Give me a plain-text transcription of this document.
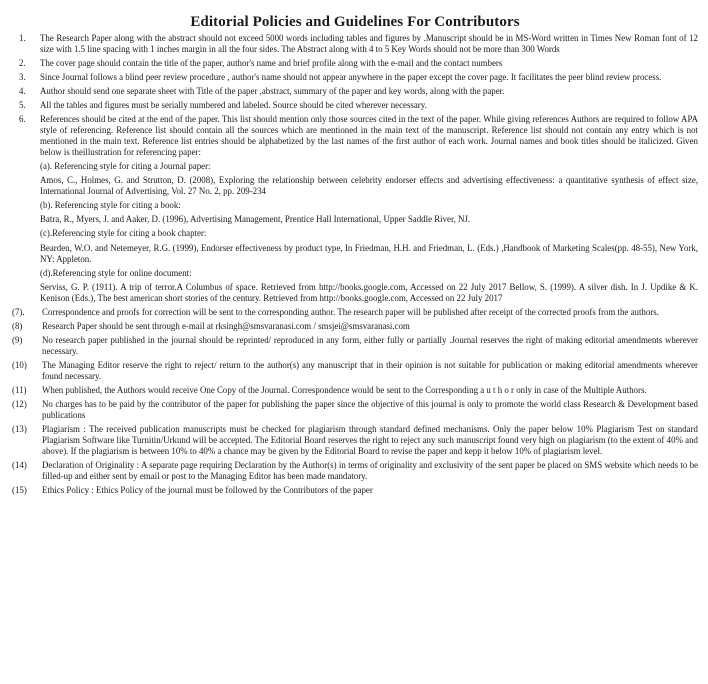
Editorial Policies and Guidelines For Contributors
1.	The Research Paper along with the abstract should not exceed 5000 words including tables and figures by .Manuscript should be in MS-Word written in Times New Roman font of 12 size with 1.5 line spacing with 1 inches margin in all the four sides. The Abstract along with 4 to 5 Key Words should not be more than 300 Words
2.	The cover page should contain the title of the paper, author's name and brief profile along with the e-mail and the contact numbers
3.	Since Journal follows a blind peer review procedure , author's name should not appear anywhere in the paper except the cover page. It facilitates the peer blind review process.
4.	Author should send one separate sheet with Title of the paper ,abstract, summary of the paper and key words, along with the paper.
5.	All the tables and figures must be serially numbered and labeled. Source should be cited wherever necessary.
6.	References should be cited at the end of the paper. This list should mention only those sources cited in the text of the paper. While giving references Authors are required to follow APA style of referencing. Reference list should contain all the sources which are mentioned in the main text of the manuscript. Reference list should not contain any entry which is not mentioned in the main text. Reference list entries should be alphabetized by the last names of the first author of each work. Journal names and book titles should be italicized. Given below is theillustration for referencing paper:
(a). Referencing style for citing a Journal paper:
Amos, C., Holmes, G. and Strutton, D. (2008), Exploring the relationship between celebrity endorser effects and advertising effectiveness: a quantitative synthesis of effect size, International Journal of Advertising, Vol. 27 No. 2, pp. 209-234
(b). Referencing style for citing a book:
Batra, R., Myers, J. and Aaker, D. (1996), Advertising Management, Prentice Hall International, Upper Saddle River, NJ.
(c).Referencing style for citing a book chapter:
Bearden, W.O. and Netemeyer, R.G. (1999), Endorser effectiveness by product type, In Friedman, H.H. and Friedman, L. (Eds.) ,Handbook of Marketing Scales(pp. 48-55), New York, NY: Appleton.
(d).Referencing style for online document:
Serviss, G. P. (1911). A trip of terror.A Columbus of space. Retrieved from http://books.google.com, Accessed on 22 July 2017 Bellow, S. (1999). A silver dish. In J. Updike & K. Kenison (Eds.), The best american short stories of the century. Retrieved from http://books.google.com, Accessed on 22 July 2017
(7).	Correspondence and proofs for correction will be sent to the corresponding author. The research paper will be published after receipt of the corrected proofs from the authors.
(8)	Research Paper should be sent through e-mail at rksingh@smsvaranasi.com / smsjei@smsvaranasi.com
(9)	No research paper published in the journal should be reprinted/ reproduced in any form, either fully or partially .Journal reserves the right of making editorial amendments wherever necessary.
(10)	The Managing Editor reserve the right to reject/ return to the author(s) any manuscript that in their opinion is not suitable for publication or making editorial amendments wherever found necessary.
(11)	When published, the Authors would receive One Copy of the Journal. Correspondence would be sent to the Corresponding a u t h o r only in case of the Multiple Authors.
(12)	No charges has to be paid by the contributor of the paper for publishing the paper since the objective of this journal is only to promote the world class Research & Development based publications
(13)	Plagiarism : The received publication manuscripts must be checked for plagiarism through standard defined mechanisms. Only the paper below 10% Plagiarism Test on standard Plagiarism Software like Turnitin/Urkund will be accepted. The Editorial Board reserves the right to reject any such manuscript found very high on plagiarism (to the extent of 40% and above). If the plagiarism is between 10% to 40% a chance may be given by the Editorial Board to revise the paper and kepp it below 10% of plagiarism level.
(14)	Declaration of Originality : A separate page requiring Declaration by the Author(s) in terms of originality and exclusivity of the sent paper be placed on SMS website which needs to be filled-up and either sent by email or post to the Managing Editor has been made mandatory.
(15)	Ethics Policy : Ethics Policy of the journal must be followed by the Contributors of the paper
